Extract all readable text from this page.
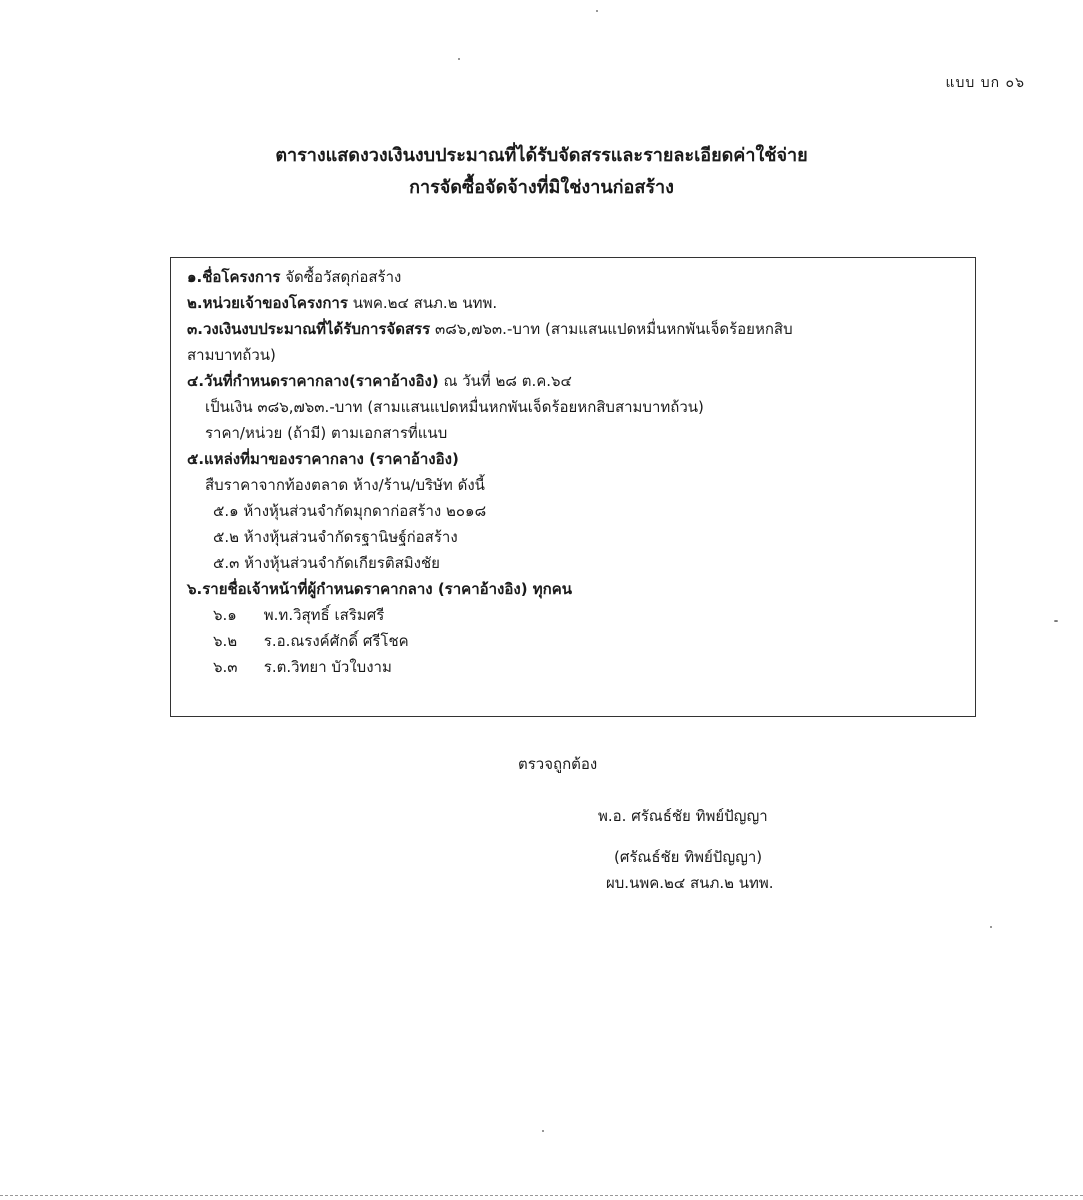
แบบ บก ๐๖
ตารางแสดงวงเงินงบประมาณที่ได้รับจัดสรรและรายละเอียดค่าใช้จ่าย
การจัดซื้อจัดจ้างที่มิใช่งานก่อสร้าง
๑.ชื่อโครงการ จัดซื้อวัสดุก่อสร้าง
๒.หน่วยเจ้าของโครงการ นพค.๒๔ สนภ.๒ นทพ.
๓.วงเงินงบประมาณที่ได้รับการจัดสรร ๓๘๖,๗๖๓.-บาท (สามแสนแปดหมื่นหกพันเจ็ดร้อยหกสิบ
สามบาทถ้วน)
๔.วันที่กำหนดราคากลาง(ราคาอ้างอิง) ณ วันที่ ๒๘ ต.ค.๖๔
เป็นเงิน ๓๘๖,๗๖๓.-บาท (สามแสนแปดหมื่นหกพันเจ็ดร้อยหกสิบสามบาทถ้วน)
ราคา/หน่วย (ถ้ามี) ตามเอกสารที่แนบ
๕.แหล่งที่มาของราคากลาง (ราคาอ้างอิง)
สืบราคาจากท้องตลาด ห้าง/ร้าน/บริษัท ดังนี้
๕.๑ ห้างหุ้นส่วนจำกัดมุกดาก่อสร้าง ๒๐๑๘
๕.๒ ห้างหุ้นส่วนจำกัดรฐานิษฐ์ก่อสร้าง
๕.๓ ห้างหุ้นส่วนจำกัดเกียรติสมิงชัย
๖.รายชื่อเจ้าหน้าที่ผู้กำหนดราคากลาง (ราคาอ้างอิง) ทุกคน
๖.๑ พ.ท.วิสุทธิ์ เสริมศรี
๖.๒ ร.อ.ณรงค์ศักดิ์ ศรีโชค
๖.๓ ร.ต.วิทยา บัวใบงาม
ตรวจถูกต้อง
พ.อ. ศรัณธ์ชัย ทิพย์ปัญญา
(ศรัณธ์ชัย ทิพย์ปัญญา)
ผบ.นพค.๒๔ สนภ.๒ นทพ.
